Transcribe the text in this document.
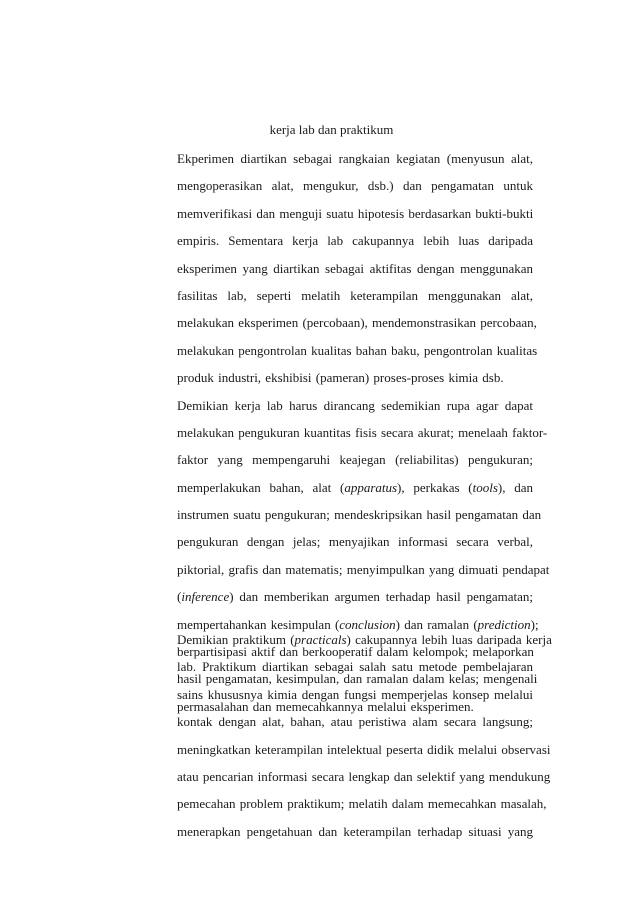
kerja lab dan praktikum
Ekperimen diartikan sebagai rangkaian kegiatan (menyusun alat,
mengoperasikan alat, mengukur, dsb.) dan pengamatan untuk
memverifikasi dan menguji suatu hipotesis berdasarkan bukti-bukti
empiris. Sementara kerja lab cakupannya lebih luas daripada
eksperimen yang diartikan sebagai aktifitas dengan menggunakan
fasilitas lab, seperti melatih keterampilan menggunakan alat,
melakukan eksperimen (percobaan), mendemonstrasikan percobaan,
melakukan pengontrolan kualitas bahan baku, pengontrolan kualitas
produk industri, ekshibisi (pameran) proses-proses kimia dsb.
Demikian kerja lab harus dirancang sedemikian rupa agar dapat
melakukan pengukuran kuantitas fisis secara akurat; menelaah faktor-
faktor yang mempengaruhi keajegan (reliabilitas) pengukuran;
memperlakukan bahan, alat (apparatus), perkakas (tools), dan
instrumen suatu pengukuran; mendeskripsikan hasil pengamatan dan
pengukuran dengan jelas; menyajikan informasi secara verbal,
piktorial, grafis dan matematis; menyimpulkan yang dimuati pendapat
(inference) dan memberikan argumen terhadap hasil pengamatan;
mempertahankan kesimpulan (conclusion) dan ramalan (prediction);
berpartisipasi aktif dan berkooperatif dalam kelompok; melaporkan
hasil pengamatan, kesimpulan, dan ramalan dalam kelas; mengenali
permasalahan dan memecahkannya melalui eksperimen.
Demikian praktikum (practicals) cakupannya lebih luas daripada kerja
lab. Praktikum diartikan sebagai salah satu metode pembelajaran
sains khususnya kimia dengan fungsi memperjelas konsep melalui
kontak dengan alat, bahan, atau peristiwa alam secara langsung;
meningkatkan keterampilan intelektual peserta didik melalui observasi
atau pencarian informasi secara lengkap dan selektif yang mendukung
pemecahan problem praktikum; melatih dalam memecahkan masalah,
menerapkan pengetahuan dan keterampilan terhadap situasi yang
